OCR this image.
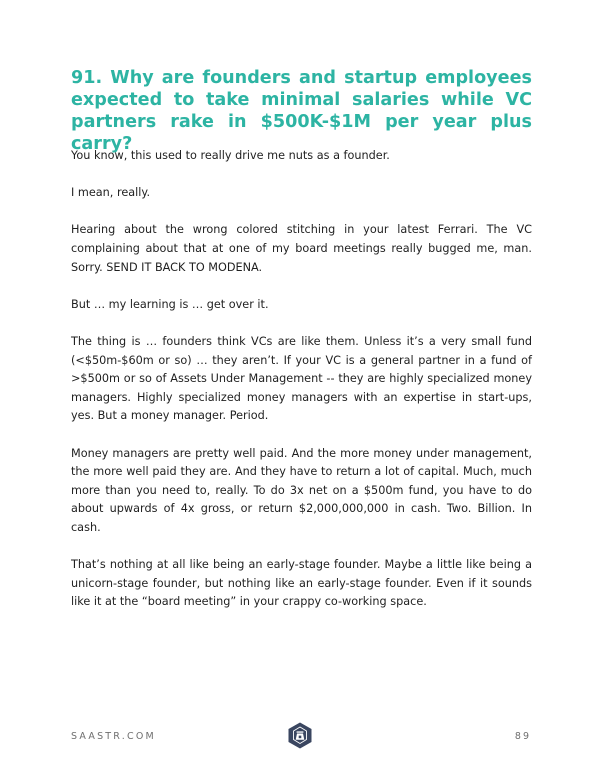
91. Why are founders and startup employees expected to take minimal salaries while VC partners rake in $500K-$1M per year plus carry?

You know, this used to really drive me nuts as a founder.

I mean, really.

Hearing about the wrong colored stitching in your latest Ferrari. The VC complaining about that at one of my board meetings really bugged me, man. Sorry. SEND IT BACK TO MODENA.

But … my learning is … get over it.

The thing is … founders think VCs are like them. Unless it’s a very small fund (<$50m-$60m or so) … they aren’t. If your VC is a general partner in a fund of >$500m or so of Assets Under Management -- they are highly specialized money managers. Highly specialized money managers with an expertise in start-ups, yes. But a money manager. Period.

Money managers are pretty well paid. And the more money under management, the more well paid they are. And they have to return a lot of capital. Much, much more than you need to, really. To do 3x net on a $500m fund, you have to do about upwards of 4x gross, or return $2,000,000,000 in cash. Two. Billion. In cash.

That’s nothing at all like being an early-stage founder. Maybe a little like being a unicorn-stage founder, but nothing like an early-stage founder. Even if it sounds like it at the “board meeting” in your crappy co-working space.

SAASTR.COM	89
